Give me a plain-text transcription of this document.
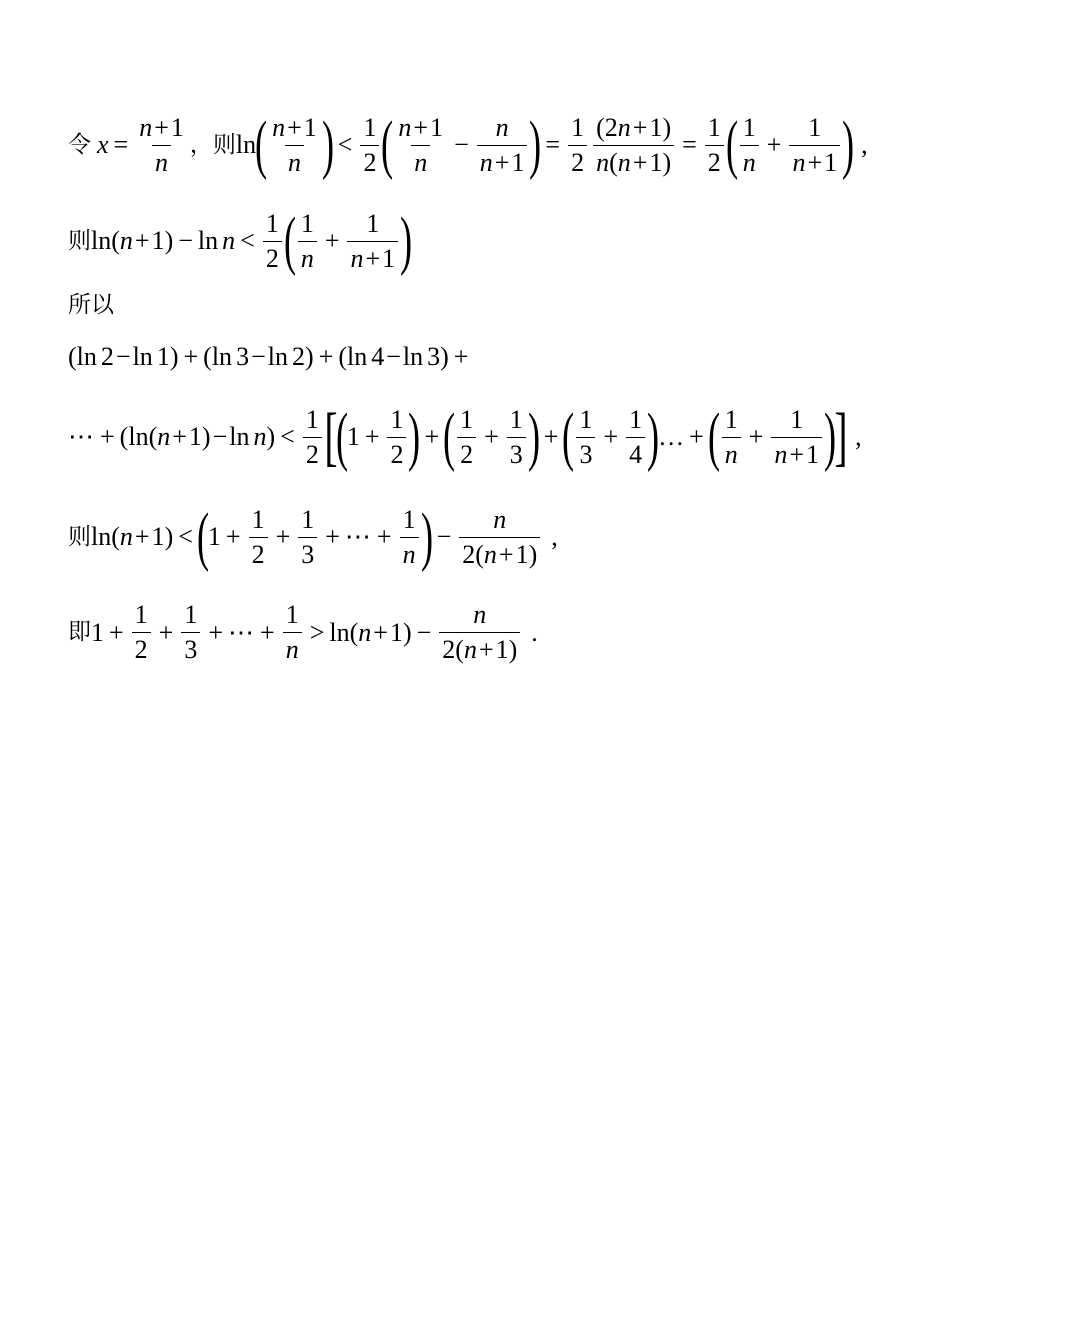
令 $x = \frac{n+1}{n}$ ，则 ln
( $\frac{n+1}{n}$ ) < $\frac{1}{2}$ ( $\frac{n+1}{n} - \frac{n}{n+1}$ ) = $\frac{1}{2} \frac{(2n+1)}{n(n+1)} = \frac{1}{2}$ ( $\frac{1}{n} + \frac{1}{n+1}$ ) ,
则 ln ( n + 1 ) − $\ln n < \frac{1}{2}$ ( $\frac{1}{n} + \frac{1}{n+1}$ )
所以
( ln 2 − ln 1 ) + ( ln 3 − ln 2 ) + ( ln 4 − ln 3 ) +
⋯ + ( ln ( n + 1 ) − ln n ) < $\frac{1}{2}$ [
(
$1 + \frac{1}{2}$ ) + ( $\frac{1}{2} + \frac{1}{3}$ ) + ( $\frac{1}{3} + \frac{1}{4}$ )
… + ( $\frac{1}{n} + \frac{1}{n+1}$ )
] ,
则 ln ( n + 1 ) < (
$1 + \frac{1}{2} + \frac{1}{3}$ + ⋯ + $\frac{1}{n}$ ) − $\frac{n}{2(n+1)}$ ,
即 $1 + \frac{1}{2} + \frac{1}{3}$ + ⋯ + $\frac{1}{n} > \ln$ ( n + 1 ) − $\frac{n}{2(n+1)}$ .
